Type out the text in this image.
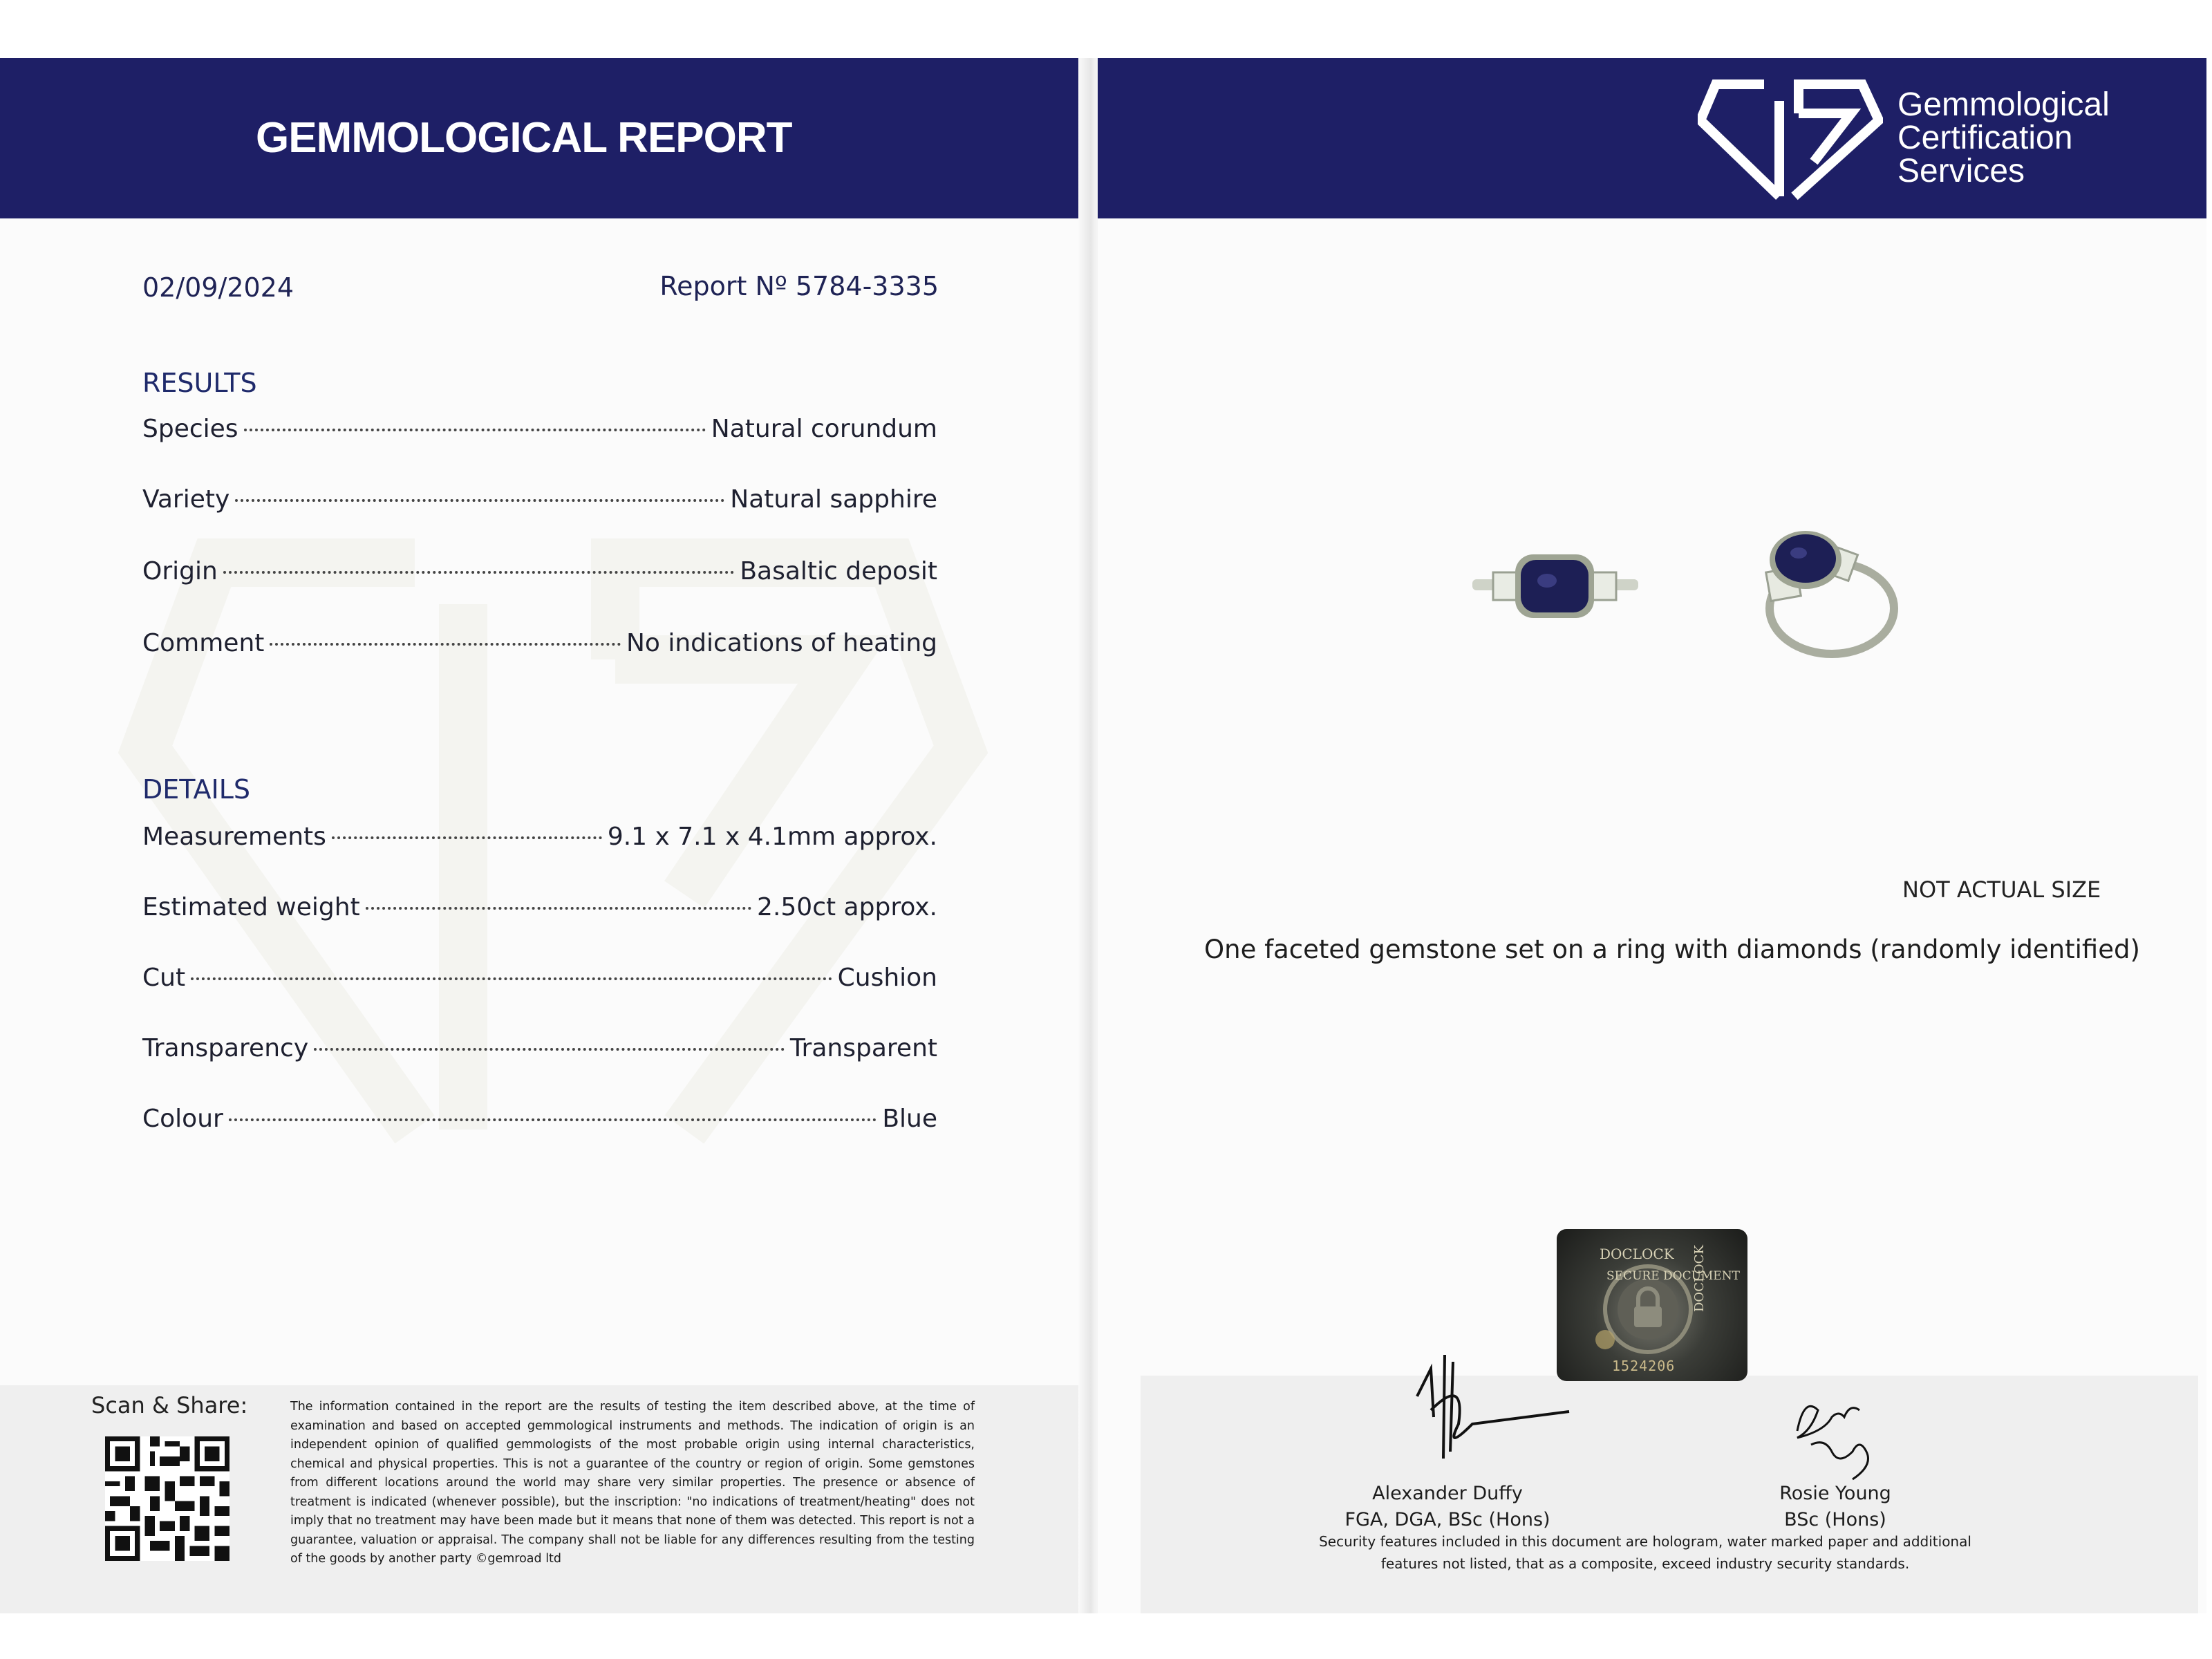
GEMMOLOGICAL REPORT
02/09/2024	Report Nº 5784-3335
RESULTS
Species	Natural corundum
Variety	Natural sapphire
Origin	Basaltic deposit
Comment	No indications of heating
DETAILS
Measurements	9.1 x 7.1 x 4.1mm approx.
Estimated weight	2.50ct approx.
Cut	Cushion
Transparency	Transparent
Colour	Blue
Scan & Share:	The information contained in the report are the results of testing the item described above, at the time of examination and based on accepted gemmological instruments and methods. The indication of origin is an independent opinion of qualified gemmologists of the most probable origin using internal characteristics, chemical and physical properties. This is not a guarantee of the country or region of origin. Some gemstones from different locations around the world may share very similar properties. The presence or absence of treatment is indicated (whenever possible), but the inscription: "no indications of treatment/heating" does not imply that no treatment may have been made but it means that none of them was detected. This report is not a guarantee, valuation or appraisal. The company shall not be liable for any differences resulting from the testing of the goods by another party ©gemroad ltd
Gemmological
Certification
Services
NOT ACTUAL SIZE
One faceted gemstone set on a ring with diamonds (randomly identified)
DOCLOCK
SECURE DOCUMENT
DOCLOCK
1524206
Alexander Duffy
FGA, DGA, BSc (Hons)
Rosie Young
BSc (Hons)
Security features included in this document are hologram, water marked paper and additional
features not listed, that as a composite, exceed industry security standards.
